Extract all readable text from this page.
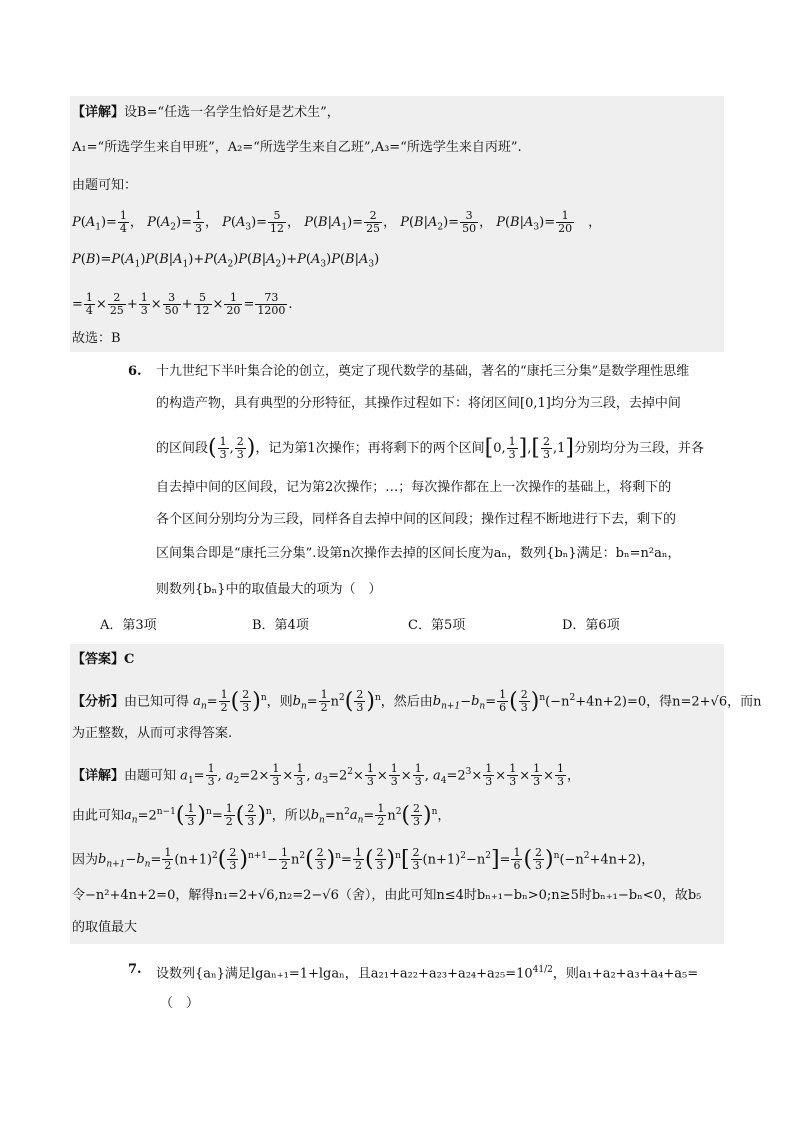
【详解】设B=“任选一名学生恰好是艺术生”，
A₁=“所选学生来自甲班”，A₂=“所选学生来自乙班”,A₃=“所选学生来自丙班”.
由题可知：
$P(A_1)= \frac{1}{4}$ ， $P(A_2)= \frac{1}{3}$ ， $P(A_3)= \frac{5}{12}$ ， $P(B|A_1)= \frac{2}{25}$ ， $P(B|A_2)= \frac{3}{50}$ ， $P(B|A_3)= \frac{1}{20}$ 　，
$P(B)=P(A_1)P(B|A_1)+P(A_2)P(B|A_2)+P(A_3)P(B|A_3)$
= $\frac{1}{4} \times \frac{2}{25} + \frac{1}{3} \times \frac{3}{50} + \frac{5}{12} \times \frac{1}{20} = \frac{73}{1200}$ .
故选：B
6. 十九世纪下半叶集合论的创立，奠定了现代数学的基础，著名的“康托三分集”是数学理性思维
的构造产物，具有典型的分形特征，其操作过程如下：将闭区间[0,1]均分为三段，去掉中间
的区间段( $\frac{1}{3}$ , $\frac{2}{3}$ )，记为第1次操作；再将剩下的两个区间[0, $\frac{1}{3}$ ],[ $\frac{2}{3} ,1$]分别均分为三段，并各
自去掉中间的区间段，记为第2次操作；…；每次操作都在上一次操作的基础上，将剩下的
各个区间分别均分为三段，同样各自去掉中间的区间段；操作过程不断地进行下去，剩下的
区间集合即是“康托三分集”.设第n次操作去掉的区间长度为aₙ，数列{bₙ}满足：bₙ=n²aₙ，
则数列{bₙ}中的取值最大的项为（　）
A．第3项	B．第4项	C．第5项	D．第6项
【答案】C
【分析】由已知可得 $a_n= \frac{1}{2}$ ( $\frac{2}{3} )^n$，则$b_n= \frac{1}{2} n^2( \frac{2}{3} )^n$，然后由$b_{n+1}-b_n= \frac{1}{6}$ ( $\frac{2}{3} )^n(-n^2+4n+2)=0$，得n=2+√6，而n
为正整数，从而可求得答案.
【详解】由题可知 $a_1= \frac{1}{3}$ , $a_2=2\times \frac{1}{3} \times \frac{1}{3}$ , $a_3=2^2\times \frac{1}{3} \times \frac{1}{3} \times \frac{1}{3}$ , $a_4=2^3\times \frac{1}{3} \times \frac{1}{3} \times \frac{1}{3} \times \frac{1}{3}$ ，
由此可知$a_n=2^{n-1}( \frac{1}{3} )^n= \frac{1}{2}$ ( $\frac{2}{3} )^n$，所以$b_n=n^2a_n= \frac{1}{2} n^2( \frac{2}{3} )^n$，
因为$b_{n+1}-b_n= \frac{1}{2} (n+1)^2( \frac{2}{3} )^{n+1}- \frac{1}{2} n^2( \frac{2}{3} )^n= \frac{1}{2}$ ( $\frac{2}{3} )^n[ \frac{2}{3} (n+1)^2-n^2]= \frac{1}{6}$ ( $\frac{2}{3} )^n(-n^2+4n+2)$，
令−n²+4n+2=0，解得n₁=2+√6,n₂=2−√6（舍），由此可知n≤4时bₙ₊₁−bₙ>0;n≥5时bₙ₊₁−bₙ<0，故b₅
的取值最大
7. 设数列{aₙ}满足lgaₙ₊₁=1+lgaₙ，且$a_{21}+a_{22}+a_{23}+a_{24}+a_{25}=10^{41/2}$，则a₁+a₂+a₃+a₄+a₅=
（　）
